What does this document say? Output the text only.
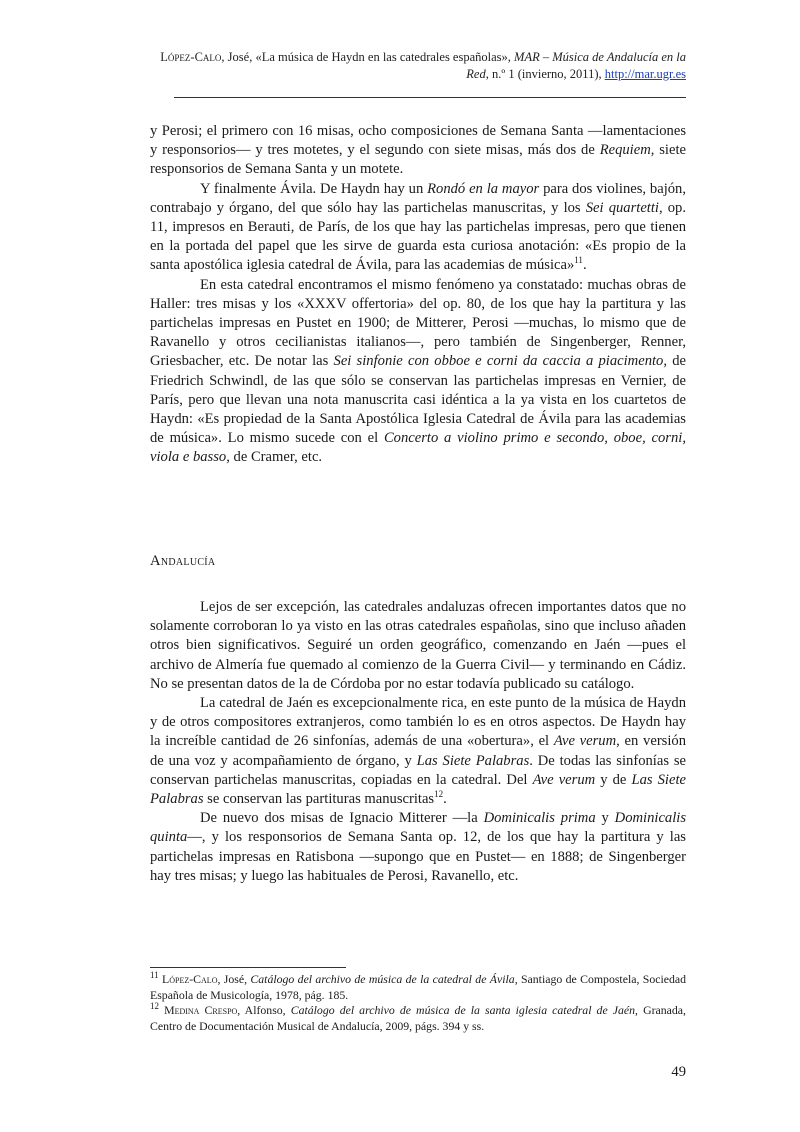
López-Calo, José, «La música de Haydn en las catedrales españolas», MAR – Música de Andalucía en la Red, n.º 1 (invierno, 2011), http://mar.ugr.es

y Perosi; el primero con 16 misas, ocho composiciones de Semana Santa —lamentaciones y responsorios— y tres motetes, y el segundo con siete misas, más dos de Requiem, siete responsorios de Semana Santa y un motete.

Y finalmente Ávila. De Haydn hay un Rondó en la mayor para dos violines, bajón, contrabajo y órgano, del que sólo hay las partichelas manuscritas, y los Sei quartetti, op. 11, impresos en Berauti, de París, de los que hay las partichelas impresas, pero que tienen en la portada del papel que les sirve de guarda esta curiosa anotación: «Es propio de la santa apostólica iglesia catedral de Ávila, para las academias de música»$^{11}$.

En esta catedral encontramos el mismo fenómeno ya constatado: muchas obras de Haller: tres misas y los «XXXV offertoria» del op. 80, de los que hay la partitura y las partichelas impresas en Pustet en 1900; de Mitterer, Perosi —muchas, lo mismo que de Ravanello y otros cecilianistas italianos—, pero también de Singenberger, Renner, Griesbacher, etc. De notar las Sei sinfonie con obboe e corni da caccia a piacimento, de Friedrich Schwindl, de las que sólo se conservan las partichelas impresas en Vernier, de París, pero que llevan una nota manuscrita casi idéntica a la ya vista en los cuartetos de Haydn: «Es propiedad de la Santa Apostólica Iglesia Catedral de Ávila para las academias de música». Lo mismo sucede con el Concerto a violino primo e secondo, oboe, corni, viola e basso, de Cramer, etc.

Andalucía

Lejos de ser excepción, las catedrales andaluzas ofrecen importantes datos que no solamente corroboran lo ya visto en las otras catedrales españolas, sino que incluso añaden otros bien significativos. Seguiré un orden geográfico, comenzando en Jaén —pues el archivo de Almería fue quemado al comienzo de la Guerra Civil— y terminando en Cádiz. No se presentan datos de la de Córdoba por no estar todavía publicado su catálogo.

La catedral de Jaén es excepcionalmente rica, en este punto de la música de Haydn y de otros compositores extranjeros, como también lo es en otros aspectos. De Haydn hay la increíble cantidad de 26 sinfonías, además de una «obertura», el Ave verum, en versión de una voz y acompañamiento de órgano, y Las Siete Palabras. De todas las sinfonías se conservan partichelas manuscritas, copiadas en la catedral. Del Ave verum y de Las Siete Palabras se conservan las partituras manuscritas$^{12}$.

De nuevo dos misas de Ignacio Mitterer —la Dominicalis prima y Dominicalis quinta—, y los responsorios de Semana Santa op. 12, de los que hay la partitura y las partichelas impresas en Ratisbona —supongo que en Pustet— en 1888; de Singenberger hay tres misas; y luego las habituales de Perosi, Ravanello, etc.

$^{11}$ López-Calo, José, Catálogo del archivo de música de la catedral de Ávila, Santiago de Compostela, Sociedad Española de Musicología, 1978, pág. 185.

$^{12}$ Medina Crespo, Alfonso, Catálogo del archivo de música de la santa iglesia catedral de Jaén, Granada, Centro de Documentación Musical de Andalucía, 2009, págs. 394 y ss.

49
